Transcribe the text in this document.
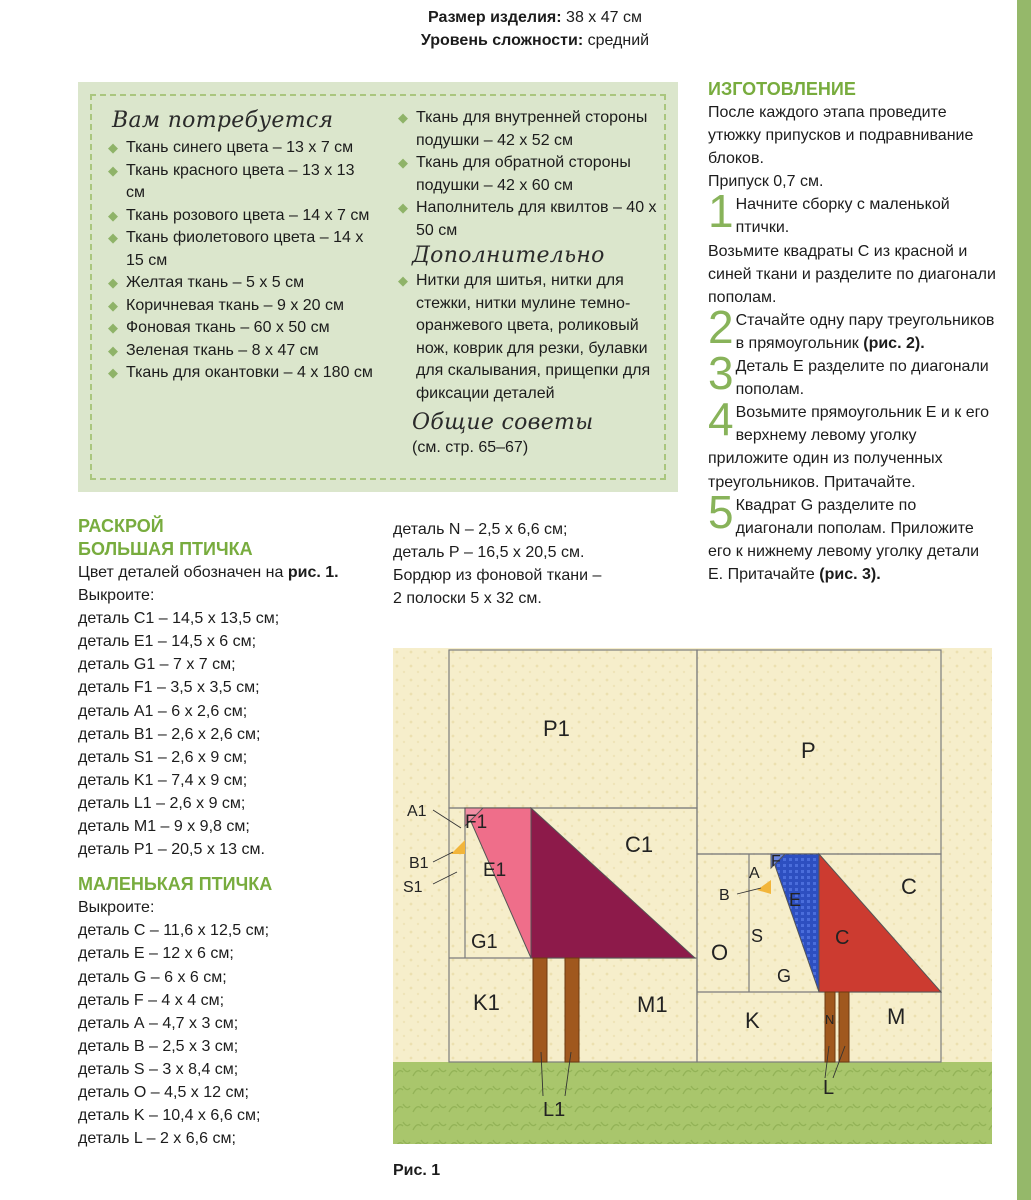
Размер изделия: 38 х 47 см
Уровень сложности: средний
Вам потребуется
◆ Ткань синего цвета – 13 х 7 см
◆ Ткань красного цвета – 13 х 13 см
◆ Ткань розового цвета – 14 х 7 см
◆ Ткань фиолетового цвета – 14 х 15 см
◆ Желтая ткань – 5 х 5 см
◆ Коричневая ткань – 9 х 20 см
◆ Фоновая ткань – 60 х 50 см
◆ Зеленая ткань – 8 х 47 см
◆ Ткань для окантовки – 4 х 180 см
◆ Ткань для внутренней стороны подушки – 42 х 52 см
◆ Ткань для обратной стороны подушки – 42 х 60 см
◆ Наполнитель для квилтов – 40 х 50 см
Дополнительно
◆ Нитки для шитья, нитки для стежки, нитки мулине темно-оранжевого цвета, роликовый нож, коврик для резки, булавки для скалывания, прищепки для фиксации деталей
Общие советы
(см. стр. 65–67)
РАСКРОЙ
БОЛЬШАЯ ПТИЧКА
Цвет деталей обозначен на рис. 1.
Выкроите:
деталь С1 – 14,5 х 13,5 см;
деталь Е1 – 14,5 х 6 см;
деталь G1 – 7 х 7 см;
деталь F1 – 3,5 х 3,5 см;
деталь А1 – 6 х 2,6 см;
деталь В1 – 2,6 х 2,6 см;
деталь S1 – 2,6 х 9 см;
деталь K1 – 7,4 х 9 см;
деталь L1 – 2,6 х 9 см;
деталь М1 – 9 х 9,8 см;
деталь Р1 – 20,5 х 13 см.
МАЛЕНЬКАЯ ПТИЧКА
Выкроите:
деталь С – 11,6 х 12,5 см;
деталь Е – 12 х 6 см;
деталь G – 6 х 6 см;
деталь F – 4 х 4 см;
деталь А – 4,7 х 3 см;
деталь В – 2,5 х 3 см;
деталь S – 3 х 8,4 см;
деталь О – 4,5 х 12 см;
деталь K – 10,4 х 6,6 см;
деталь L – 2 х 6,6 см;
деталь N – 2,5 х 6,6 см;
деталь Р – 16,5 х 20,5 см.
Бордюр из фоновой ткани –
2 полоски 5 х 32 см.
ИЗГОТОВЛЕНИЕ
После каждого этапа проведите утюжку припусков и подравнивание блоков.
Припуск 0,7 см.
1 Начните сборку с маленькой птички.
Возьмите квадраты С из красной и синей ткани и разделите по диагонали пополам.
2 Стачайте одну пару треугольников в прямоугольник (рис. 2).
3 Деталь Е разделите по диагонали пополам.
4 Возьмите прямоугольник Е и к его верхнему левому уголку приложите один из полученных треугольников. Притачайте.
5 Квадрат G разделите по диагонали пополам. Приложите его к нижнему левому уголку детали Е. Притачайте (рис. 3).
P1
C1
F1
E1
G1
K1	M1
L1
A1
B1
S1
P
C
F
A
B	E
S
O
G
C
K	N M
L
Рис. 1
